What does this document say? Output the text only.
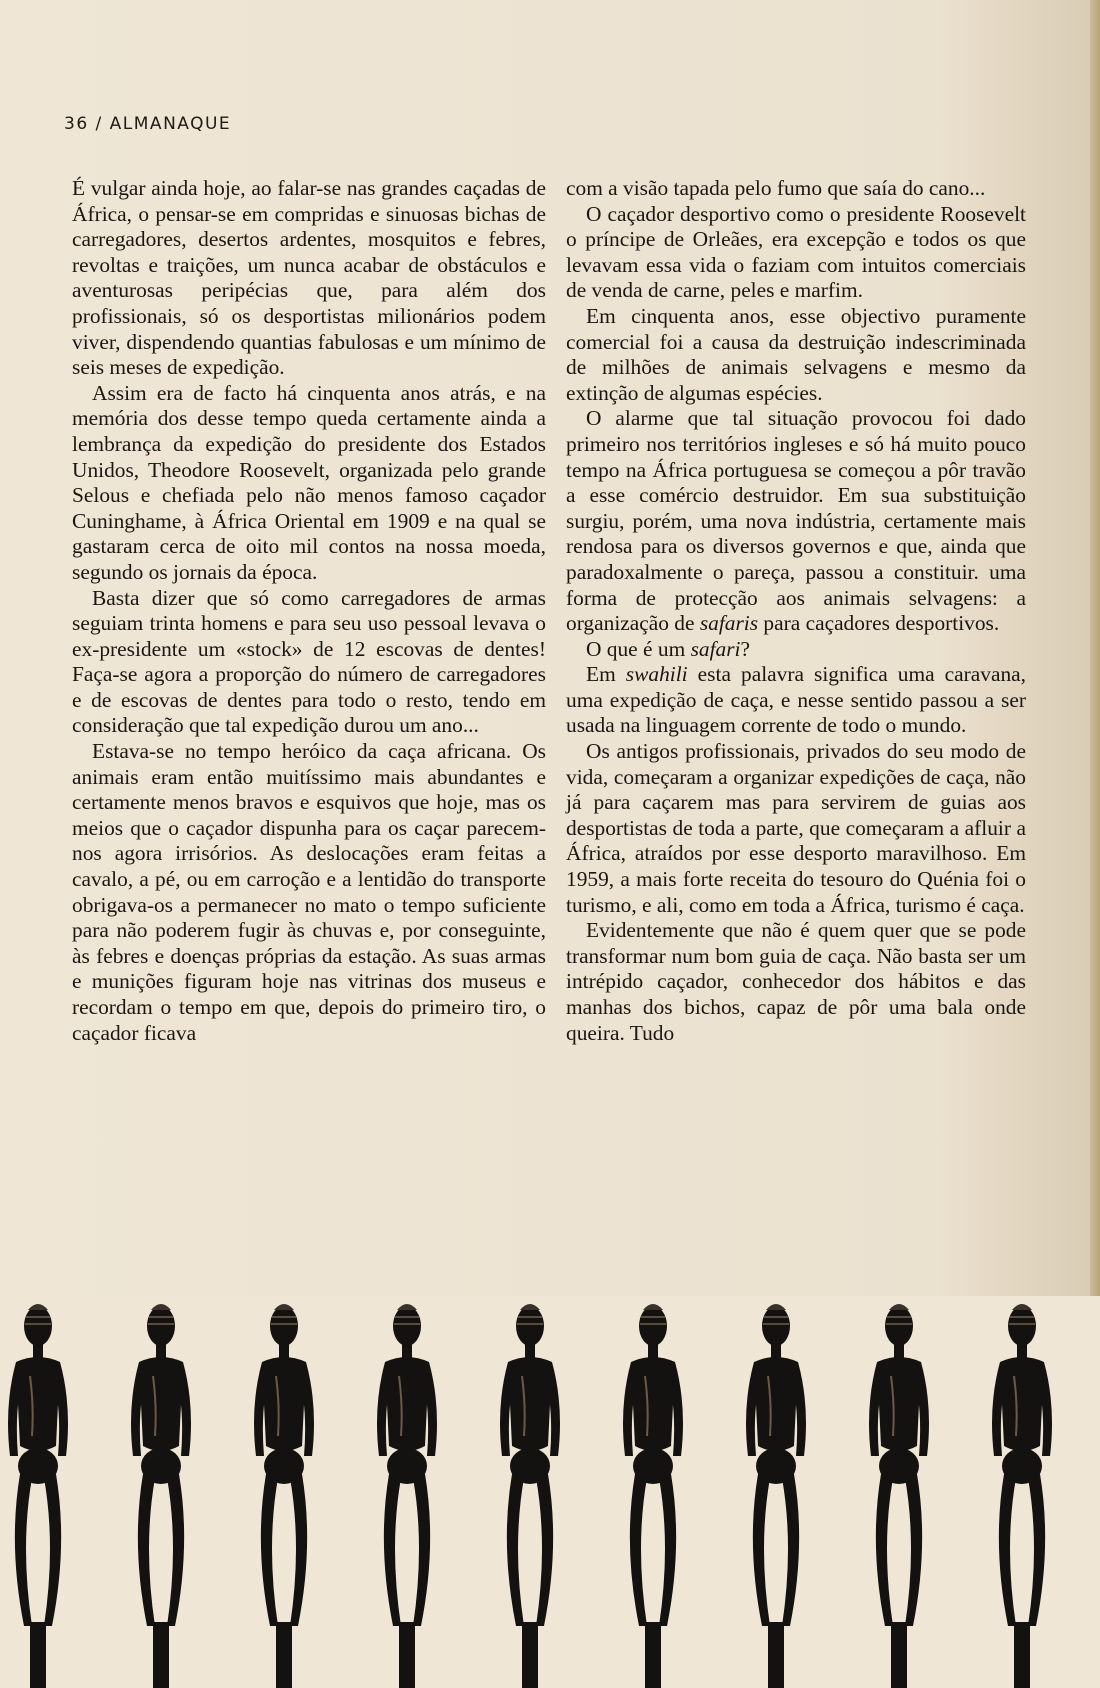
36 / ALMANAQUE

É vulgar ainda hoje, ao falar-se nas grandes caçadas de África, o pensar-se em compridas e sinuosas bichas de carregadores, desertos ardentes, mosquitos e febres, revoltas e traições, um nunca acabar de obstáculos e aventurosas peripécias que, para além dos profissionais, só os desportistas milionários podem viver, dispendendo quantias fabulosas e um mínimo de seis meses de expedição.

Assim era de facto há cinquenta anos atrás, e na memória dos desse tempo queda certamente ainda a lembrança da expedição do presidente dos Estados Unidos, Theodore Roosevelt, organizada pelo grande Selous e chefiada pelo não menos famoso caçador Cuninghame, à África Oriental em 1909 e na qual se gastaram cerca de oito mil contos na nossa moeda, segundo os jornais da época.

Basta dizer que só como carregadores de armas seguiam trinta homens e para seu uso pessoal levava o ex-presidente um «stock» de 12 escovas de dentes! Faça-se agora a proporção do número de carregadores e de escovas de dentes para todo o resto, tendo em consideração que tal expedição durou um ano...

Estava-se no tempo heróico da caça africana. Os animais eram então muitíssimo mais abundantes e certamente menos bravos e esquivos que hoje, mas os meios que o caçador dispunha para os caçar parecem-nos agora irrisórios. As deslocações eram feitas a cavalo, a pé, ou em carroção e a lentidão do transporte obrigava-os a permanecer no mato o tempo suficiente para não poderem fugir às chuvas e, por conseguinte, às febres e doenças próprias da estação. As suas armas e munições figuram hoje nas vitrinas dos museus e recordam o tempo em que, depois do primeiro tiro, o caçador ficava

com a visão tapada pelo fumo que saía do cano...

O caçador desportivo como o presidente Roosevelt o príncipe de Orleães, era excepção e todos os que levavam essa vida o faziam com intuitos comerciais de venda de carne, peles e marfim.

Em cinquenta anos, esse objectivo puramente comercial foi a causa da destruição indescriminada de milhões de animais selvagens e mesmo da extinção de algumas espécies.

O alarme que tal situação provocou foi dado primeiro nos territórios ingleses e só há muito pouco tempo na África portuguesa se começou a pôr travão a esse comércio destruidor. Em sua substituição surgiu, porém, uma nova indústria, certamente mais rendosa para os diversos governos e que, ainda que paradoxalmente o pareça, passou a constituir. uma forma de protecção aos animais selvagens: a organização de safaris para caçadores desportivos.

O que é um safari?

Em swahili esta palavra significa uma caravana, uma expedição de caça, e nesse sentido passou a ser usada na linguagem corrente de todo o mundo.

Os antigos profissionais, privados do seu modo de vida, começaram a organizar expedições de caça, não já para caçarem mas para servirem de guias aos desportistas de toda a parte, que começaram a afluir a África, atraídos por esse desporto maravilhoso. Em 1959, a mais forte receita do tesouro do Quénia foi o turismo, e ali, como em toda a África, turismo é caça.

Evidentemente que não é quem quer que se pode transformar num bom guia de caça. Não basta ser um intrépido caçador, conhecedor dos hábitos e das manhas dos bichos, capaz de pôr uma bala onde queira. Tudo
